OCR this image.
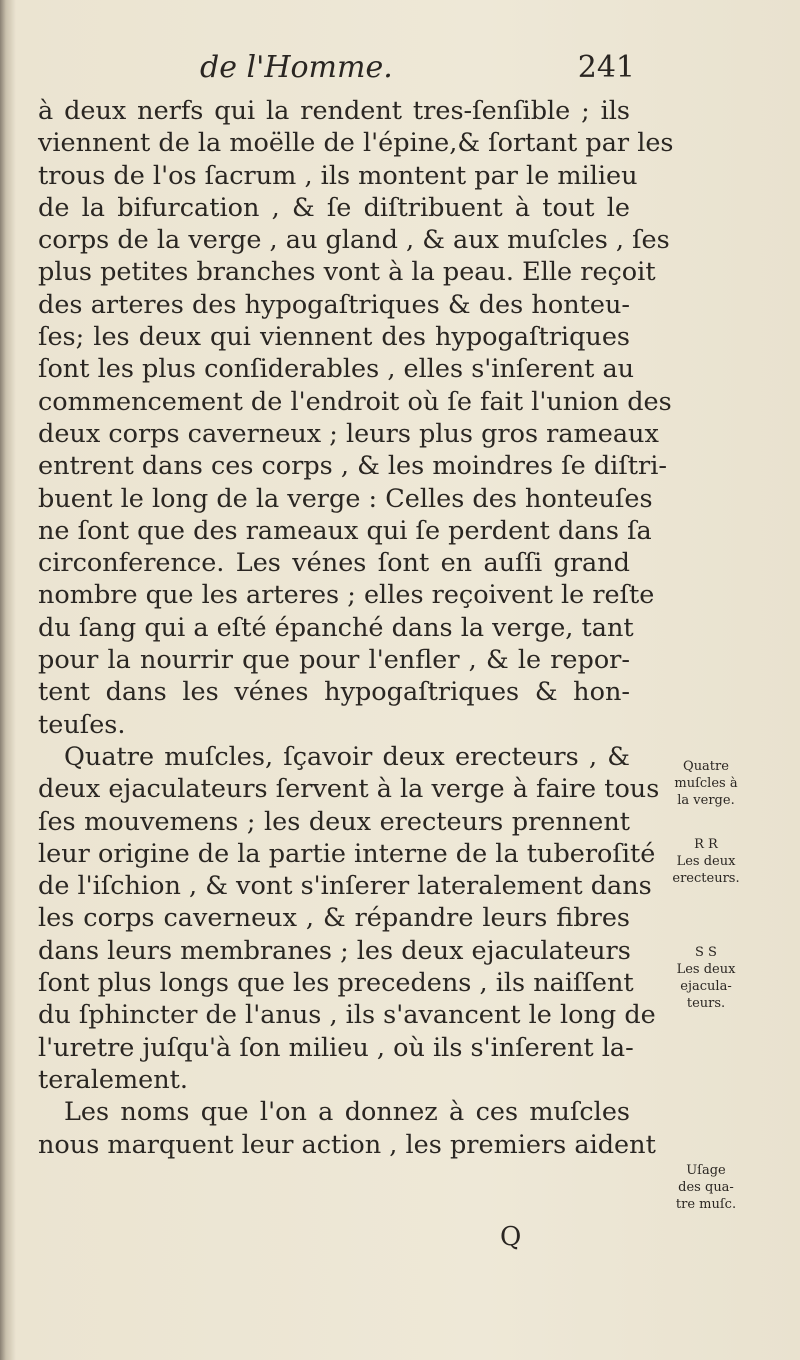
de l'Homme.	241
à deux nerfs qui la rendent tres-ſenſible ; ils
viennent de la moëlle de l'épine,& ſortant par les
trous de l'os ſacrum , ils montent par le milieu
de la bifurcation , & ſe diſtribuent à tout le
corps de la verge , au gland , & aux muſcles , ſes
plus petites branches vont à la peau. Elle reçoit
des arteres des hypogaſtriques & des honteu-
ſes; les deux qui viennent des hypogaſtriques
ſont les plus conſiderables , elles s'inſerent au
commencement de l'endroit où ſe fait l'union des
deux corps caverneux ; leurs plus gros rameaux
entrent dans ces corps , & les moindres ſe diſtri-
buent le long de la verge : Celles des honteuſes
ne ſont que des rameaux qui ſe perdent dans ſa
circonference. Les vénes ſont en auſſi grand
nombre que les arteres ; elles reçoivent le reſte
du ſang qui a eſté épanché dans la verge, tant
pour la nourrir que pour l'enfler , & le repor-
tent dans les vénes hypogaſtriques & hon-
teuſes.
Quatre muſcles, ſçavoir deux erecteurs , &
deux ejaculateurs ſervent à la verge à faire tous
ſes mouvemens ; les deux erecteurs prennent
leur origine de la partie interne de la tuberoſité
de l'iſchion , & vont s'inſerer lateralement dans
les corps caverneux , & répandre leurs fibres
dans leurs membranes ; les deux ejaculateurs
ſont plus longs que les precedens , ils naiſſent
du ſphincter de l'anus , ils s'avancent le long de
l'uretre juſqu'à ſon milieu , où ils s'inſerent la-
teralement.
Les noms que l'on a donnez à ces muſcles
nous marquent leur action , les premiers aident
Quatre
muſcles à
la verge.
R R
Les deux
erecteurs.
S S
Les deux
ejacula-
teurs.
Uſage
des qua-
tre muſc.
Q
